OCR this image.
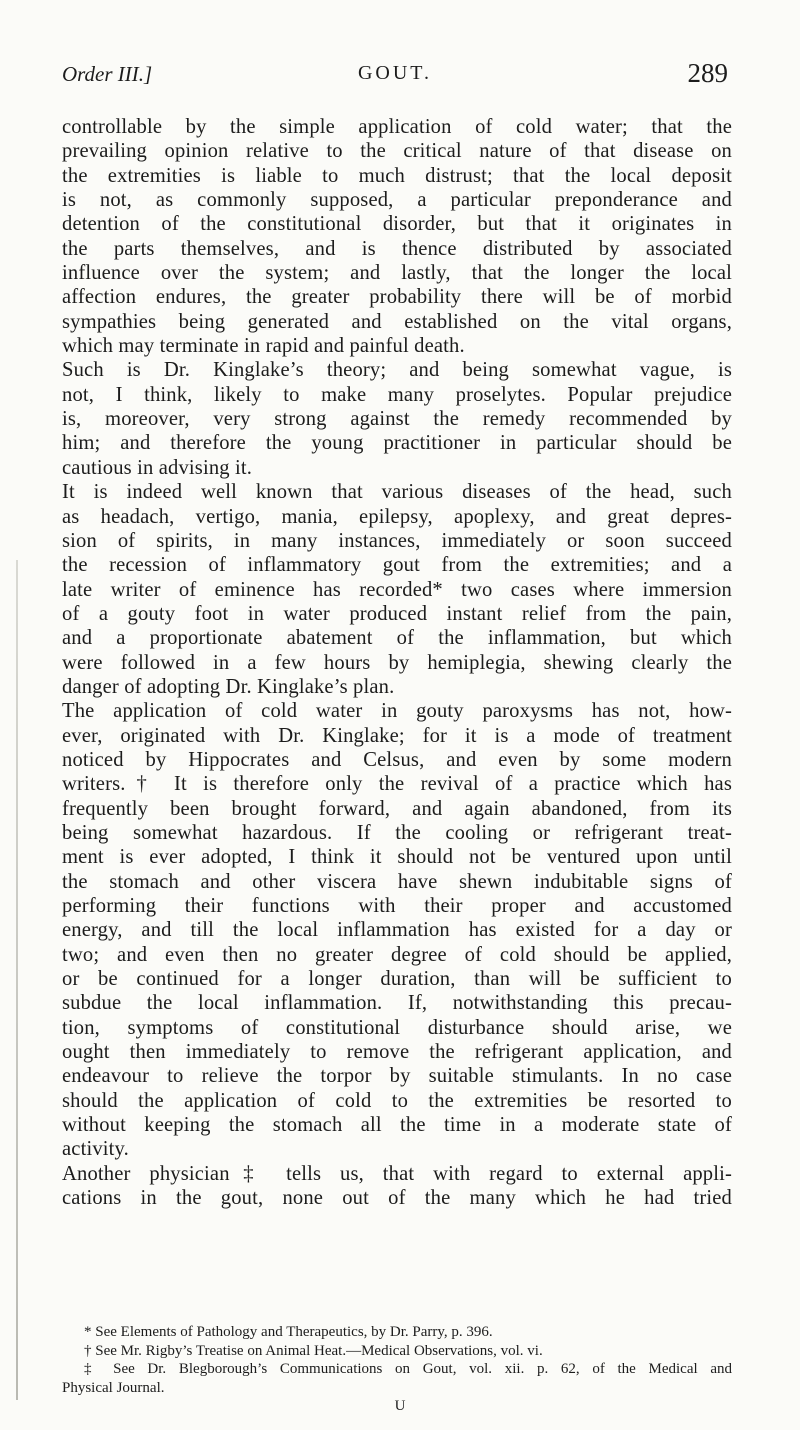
Order III.]	GOUT.	289
controllable by the simple application of cold water; that the
prevailing opinion relative to the critical nature of that disease on
the extremities is liable to much distrust; that the local deposit
is not, as commonly supposed, a particular preponderance and
detention of the constitutional disorder, but that it originates in
the parts themselves, and is thence distributed by associated
influence over the system; and lastly, that the longer the local
affection endures, the greater probability there will be of morbid
sympathies being generated and established on the vital organs,
which may terminate in rapid and painful death.
Such is Dr. Kinglake’s theory; and being somewhat vague, is
not, I think, likely to make many proselytes. Popular prejudice
is, moreover, very strong against the remedy recommended by
him; and therefore the young practitioner in particular should be
cautious in advising it.
It is indeed well known that various diseases of the head, such
as headach, vertigo, mania, epilepsy, apoplexy, and great depres-
sion of spirits, in many instances, immediately or soon succeed
the recession of inflammatory gout from the extremities; and a
late writer of eminence has recorded* two cases where immersion
of a gouty foot in water produced instant relief from the pain,
and a proportionate abatement of the inflammation, but which
were followed in a few hours by hemiplegia, shewing clearly the
danger of adopting Dr. Kinglake’s plan.
The application of cold water in gouty paroxysms has not, how-
ever, originated with Dr. Kinglake; for it is a mode of treatment
noticed by Hippocrates and Celsus, and even by some modern
writers.† It is therefore only the revival of a practice which has
frequently been brought forward, and again abandoned, from its
being somewhat hazardous. If the cooling or refrigerant treat-
ment is ever adopted, I think it should not be ventured upon until
the stomach and other viscera have shewn indubitable signs of
performing their functions with their proper and accustomed
energy, and till the local inflammation has existed for a day or
two; and even then no greater degree of cold should be applied,
or be continued for a longer duration, than will be sufficient to
subdue the local inflammation. If, notwithstanding this precau-
tion, symptoms of constitutional disturbance should arise, we
ought then immediately to remove the refrigerant application, and
endeavour to relieve the torpor by suitable stimulants. In no case
should the application of cold to the extremities be resorted to
without keeping the stomach all the time in a moderate state of
activity.
Another physician‡ tells us, that with regard to external appli-
cations in the gout, none out of the many which he had tried
* See Elements of Pathology and Therapeutics, by Dr. Parry, p. 396.
† See Mr. Rigby’s Treatise on Animal Heat.—Medical Observations, vol. vi.
‡ See Dr. Blegborough’s Communications on Gout, vol. xii. p. 62, of the Medical and
Physical Journal.
U
